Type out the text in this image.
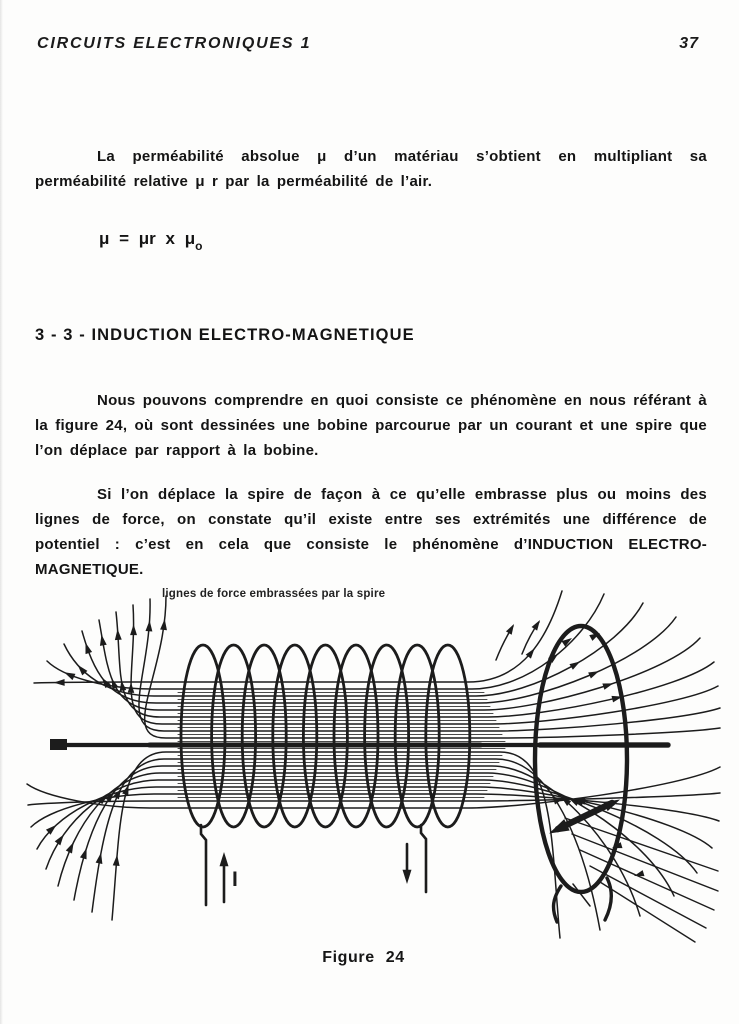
CIRCUITS ELECTRONIQUES 1	37

La perméabilité absolue μ d’un matériau s’obtient en multipliant sa perméabilité relative μ r par la perméabilité de l’air.

μ = μr x $\mu_o$
3 - 3 - INDUCTION ELECTRO-MAGNETIQUE

Nous pouvons comprendre en quoi consiste ce phénomène en nous référant à la figure 24, où sont dessinées une bobine parcourue par un courant et une spire que l’on déplace par rapport à la bobine.

Si l’on déplace la spire de façon à ce qu’elle embrasse plus ou moins des lignes de force, on constate qu’il existe entre ses extrémités une différence de potentiel : c’est en cela que consiste le phénomène d’INDUCTION ELECTRO-MAGNETIQUE.

lignes de force embrassées par la spire
I
Figure 24
